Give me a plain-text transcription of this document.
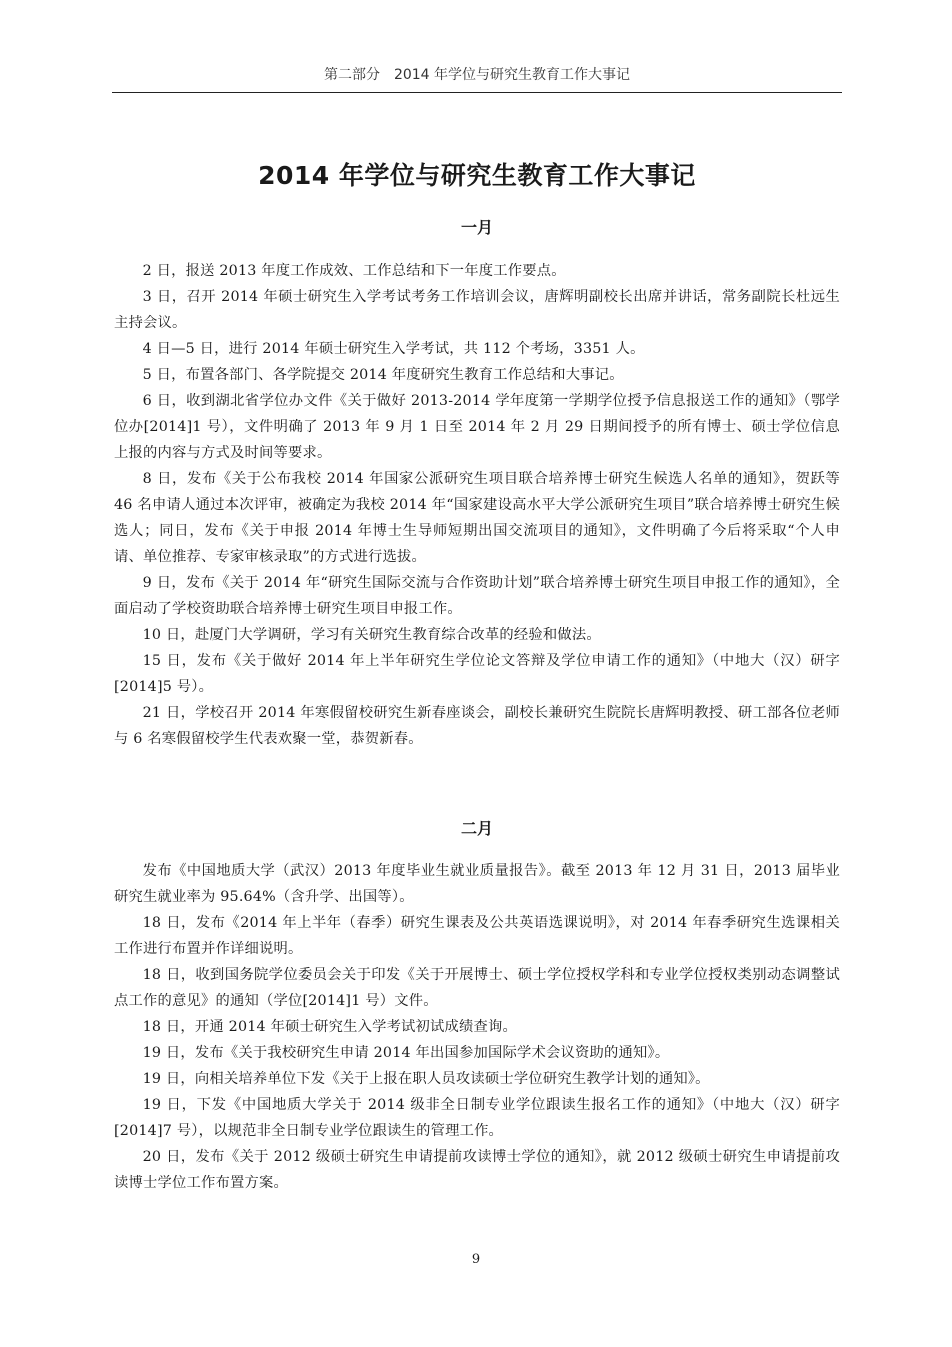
第二部分　2014 年学位与研究生教育工作大事记
2014 年学位与研究生教育工作大事记
一月

2 日，报送 2013 年度工作成效、工作总结和下一年度工作要点。

3 日，召开 2014 年硕士研究生入学考试考务工作培训会议，唐辉明副校长出席并讲话，常务副院长杜远生主持会议。

4 日—5 日，进行 2014 年硕士研究生入学考试，共 112 个考场，3351 人。

5 日，布置各部门、各学院提交 2014 年度研究生教育工作总结和大事记。

6 日，收到湖北省学位办文件《关于做好 2013-2014 学年度第一学期学位授予信息报送工作的通知》（鄂学位办[2014]1 号），文件明确了 2013 年 9 月 1 日至 2014 年 2 月 29 日期间授予的所有博士、硕士学位信息上报的内容与方式及时间等要求。

8 日，发布《关于公布我校 2014 年国家公派研究生项目联合培养博士研究生候选人名单的通知》，贺跃等 46 名申请人通过本次评审，被确定为我校 2014 年“国家建设高水平大学公派研究生项目”联合培养博士研究生候选人；同日，发布《关于申报 2014 年博士生导师短期出国交流项目的通知》，文件明确了今后将采取“个人申请、单位推荐、专家审核录取”的方式进行选拔。

9 日，发布《关于 2014 年“研究生国际交流与合作资助计划”联合培养博士研究生项目申报工作的通知》，全面启动了学校资助联合培养博士研究生项目申报工作。

10 日，赴厦门大学调研，学习有关研究生教育综合改革的经验和做法。

15 日，发布《关于做好 2014 年上半年研究生学位论文答辩及学位申请工作的通知》（中地大（汉）研字[2014]5 号）。

21 日，学校召开 2014 年寒假留校研究生新春座谈会，副校长兼研究生院院长唐辉明教授、研工部各位老师与 6 名寒假留校学生代表欢聚一堂，恭贺新春。

二月

发布《中国地质大学（武汉）2013 年度毕业生就业质量报告》。截至 2013 年 12 月 31 日，2013 届毕业研究生就业率为 95.64%（含升学、出国等）。

18 日，发布《2014 年上半年（春季）研究生课表及公共英语选课说明》，对 2014 年春季研究生选课相关工作进行布置并作详细说明。

18 日，收到国务院学位委员会关于印发《关于开展博士、硕士学位授权学科和专业学位授权类别动态调整试点工作的意见》的通知（学位[2014]1 号）文件。

18 日，开通 2014 年硕士研究生入学考试初试成绩查询。

19 日，发布《关于我校研究生申请 2014 年出国参加国际学术会议资助的通知》。

19 日，向相关培养单位下发《关于上报在职人员攻读硕士学位研究生教学计划的通知》。

19 日，下发《中国地质大学关于 2014 级非全日制专业学位跟读生报名工作的通知》（中地大（汉）研字[2014]7 号），以规范非全日制专业学位跟读生的管理工作。

20 日，发布《关于 2012 级硕士研究生申请提前攻读博士学位的通知》，就 2012 级硕士研究生申请提前攻读博士学位工作布置方案。

9
